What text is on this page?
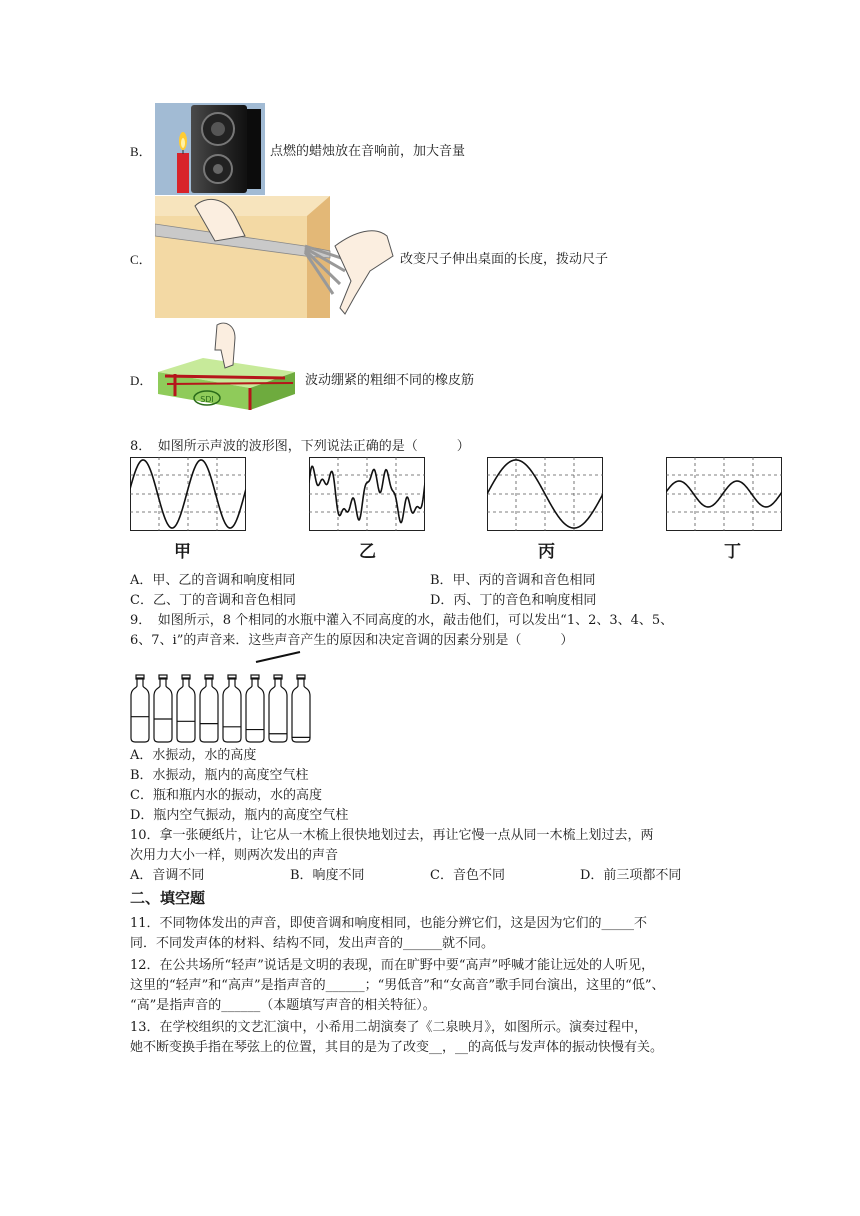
B．	点燃的蜡烛放在音响前，加大音量
C．	改变尺子伸出桌面的长度，拨动尺子
D．
SDI
波动绷紧的粗细不同的橡皮筋
8．　如图所示声波的波形图，下列说法正确的是（　　　）
甲	乙	丙	丁
A．甲、乙的音调和响度相同	B．甲、丙的音调和音色相同
C．乙、丁的音调和音色相同	D．丙、丁的音色和响度相同
9．　如图所示，8 个相同的水瓶中灌入不同高度的水，敲击他们，可以发出“1、2、3、4、5、
6、7、i”的声音来．这些声音产生的原因和决定音调的因素分别是（　　　）
A．水振动，水的高度
B．水振动，瓶内的高度空气柱
C．瓶和瓶内水的振动，水的高度
D．瓶内空气振动，瓶内的高度空气柱
10．拿一张硬纸片，让它从一木梳上很快地划过去，再让它慢一点从同一木梳上划过去，两
次用力大小一样，则两次发出的声音
A．音调不同	B．响度不同	C．音色不同	D．前三项都不同
二、填空题
11．不同物体发出的声音，即使音调和响度相同，也能分辨它们，这是因为它们的_____不
同．不同发声体的材料、结构不同，发出声音的______就不同。
12．在公共场所“轻声”说话是文明的表现，而在旷野中要“高声”呼喊才能让远处的人听见，
这里的“轻声”和“高声”是指声音的______；“男低音”和“女高音”歌手同台演出，这里的“低”、
“高”是指声音的______（本题填写声音的相关特征）。
13．在学校组织的文艺汇演中，小希用二胡演奏了《二泉映月》，如图所示。演奏过程中，
她不断变换手指在琴弦上的位置，其目的是为了改变__，__的高低与发声体的振动快慢有关。
